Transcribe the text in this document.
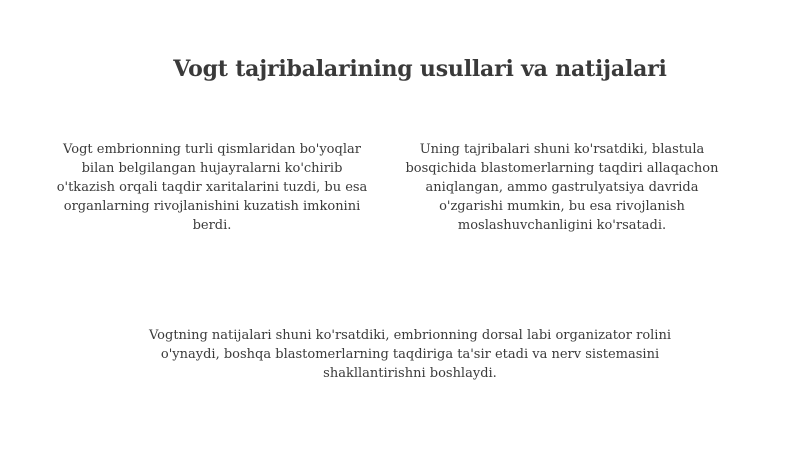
Vogt tajribalarining usullari va natijalari

Vogt embrionning turli qismlaridan bo'yoqlar bilan belgilangan hujayralarni ko'chirib o'tkazish orqali taqdir xaritalarini tuzdi, bu esa organlarning rivojlanishini kuzatish imkonini berdi.

Uning tajribalari shuni ko'rsatdiki, blastula bosqichida blastomerlarning taqdiri allaqachon aniqlangan, ammo gastrulyatsiya davrida o'zgarishi mumkin, bu esa rivojlanish moslashuvchanligini ko'rsatadi.

Vogtning natijalari shuni ko'rsatdiki, embrionning dorsal labi organizator rolini o'ynaydi, boshqa blastomerlarning taqdiriga ta'sir etadi va nerv sistemasini shakllantirishni boshlaydi.
